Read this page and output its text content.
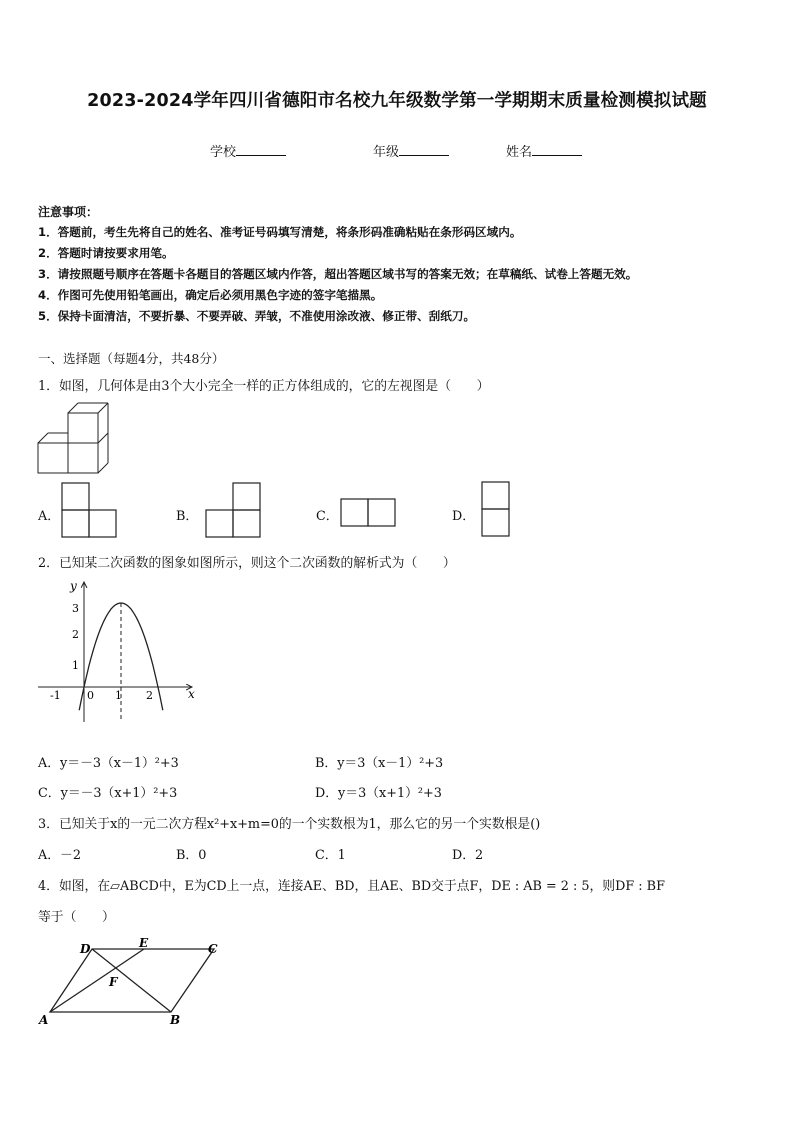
2023-2024学年四川省德阳市名校九年级数学第一学期期末质量检测模拟试题
学校	年级	姓名
注意事项：
1．答题前，考生先将自己的姓名、准考证号码填写清楚，将条形码准确粘贴在条形码区域内。
2．答题时请按要求用笔。
3．请按照题号顺序在答题卡各题目的答题区域内作答，超出答题区域书写的答案无效；在草稿纸、试卷上答题无效。
4．作图可先使用铅笔画出，确定后必须用黑色字迹的签字笔描黑。
5．保持卡面清洁，不要折暴、不要弄破、弄皱，不准使用涂改液、修正带、刮纸刀。
一、选择题（每题4分，共48分）
1．如图，几何体是由3个大小完全一样的正方体组成的，它的左视图是（　　）
A．	B．	C．	D．
2．已知某二次函数的图象如图所示，则这个二次函数的解析式为（　　）
y
x
3
2
1
-1 0 1 2
A．y＝－3（x－1）²+3	B．y＝3（x－1）²+3
C．y＝－3（x+1）²+3	D．y＝3（x+1）²+3
3．已知关于x的一元二次方程x²+x+m=0的一个实数根为1，那么它的另一个实数根是()
A．－2	B．0	C．1	D．2
4．如图，在▱ABCD中，E为CD上一点，连接AE、BD，且AE、BD交于点F，DE : AB = 2 : 5，则DF : BF
等于（　　）
D	E	C
F
A	B
